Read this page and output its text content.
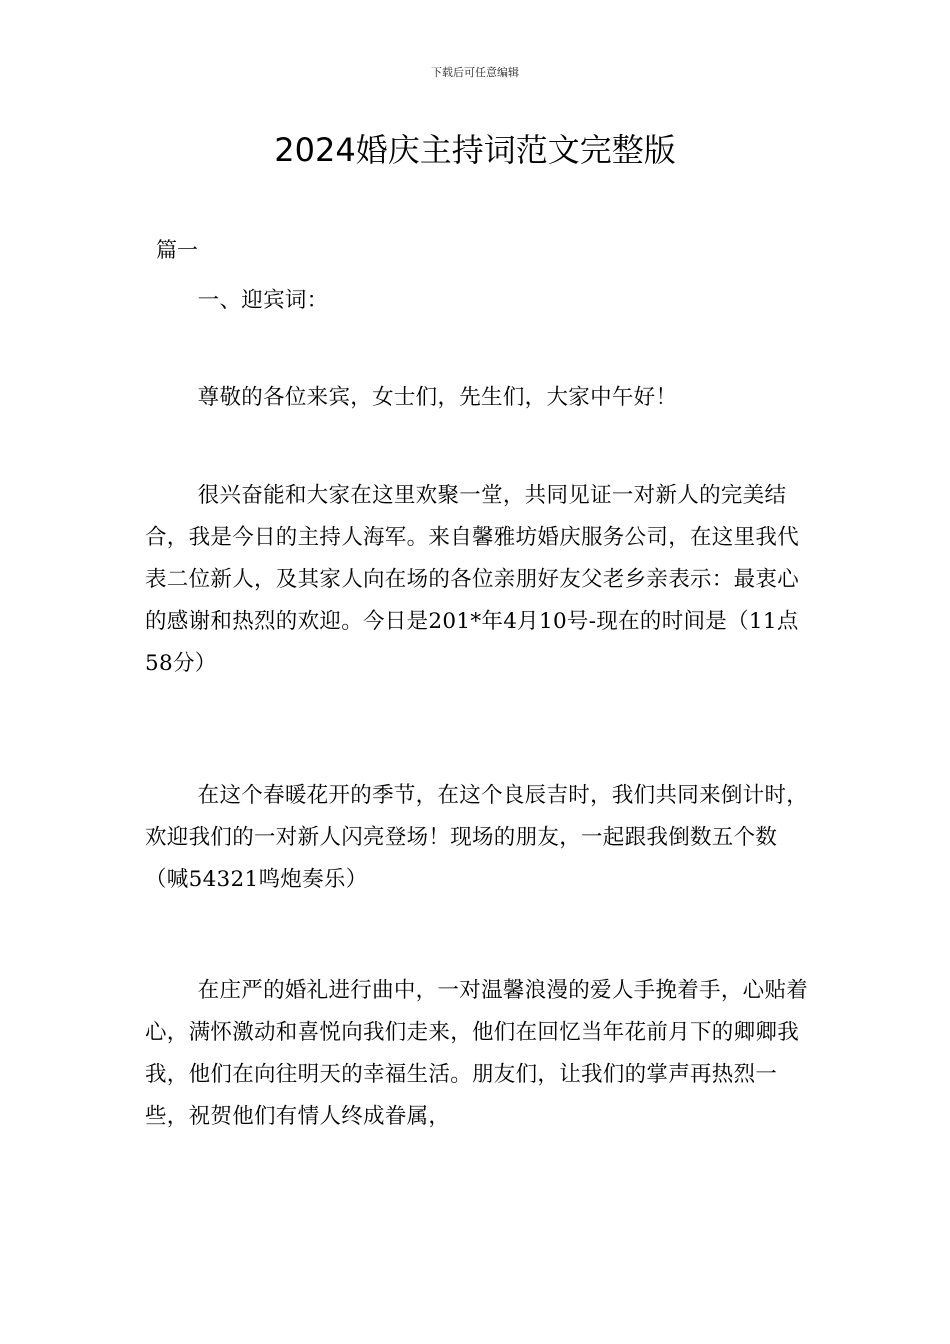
下载后可任意编辑
2024婚庆主持词范文完整版

篇一

一、迎宾词：

尊敬的各位来宾，女士们，先生们，大家中午好！

很兴奋能和大家在这里欢聚一堂，共同见证一对新人的完美结合，我是今日的主持人海军。来自馨雅坊婚庆服务公司，在这里我代表二位新人，及其家人向在场的各位亲朋好友父老乡亲表示：最衷心的感谢和热烈的欢迎。今日是201*年4月10号-现在的时间是（11点58分）

在这个春暖花开的季节，在这个良辰吉时，我们共同来倒计时，欢迎我们的一对新人闪亮登场！现场的朋友，一起跟我倒数五个数（喊54321鸣炮奏乐）

在庄严的婚礼进行曲中，一对温馨浪漫的爱人手挽着手，心贴着心，满怀激动和喜悦向我们走来，他们在回忆当年花前月下的卿卿我我，他们在向往明天的幸福生活。朋友们，让我们的掌声再热烈一些，祝贺他们有情人终成眷属，
